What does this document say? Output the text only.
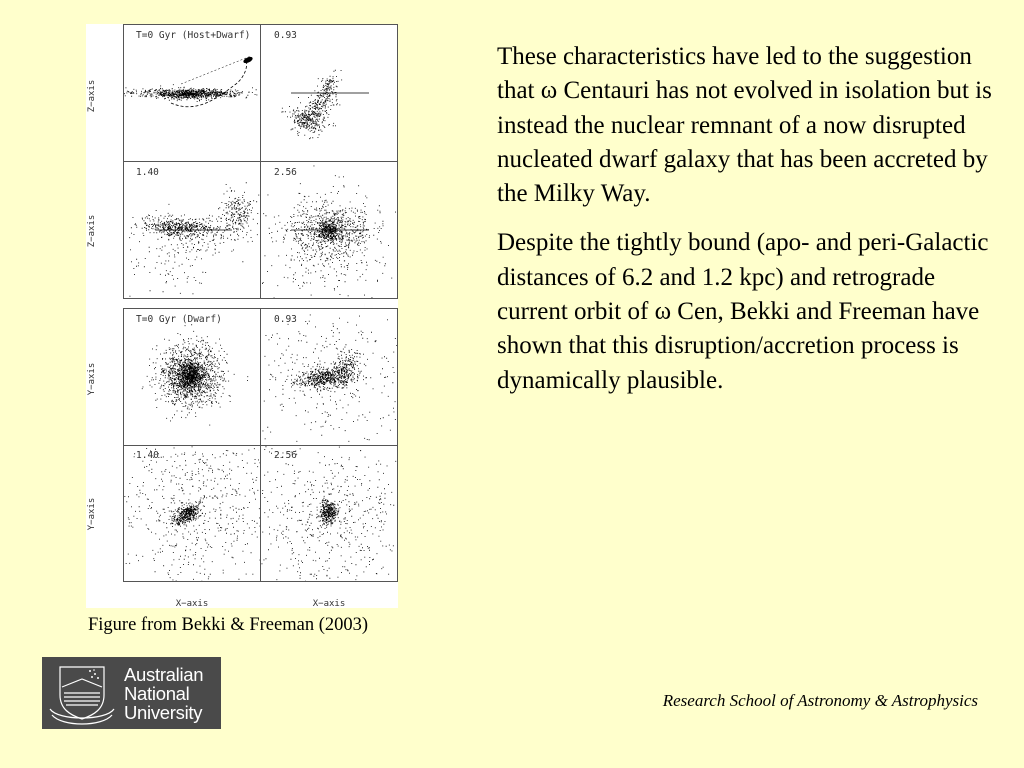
T=0 Gyr (Host+Dwarf) 0.93
1.40	2.56
T=0 Gyr (Dwarf)	0.93
1.40	2.56
Z−axis
Z−axis
Y−axis
Y−axis
X−axis	X−axis
Figure from Bekki & Freeman (2003)

These characteristics have led to the suggestion that ω Centauri has not evolved in isolation but is instead the nuclear remnant of a now disrupted nucleated dwarf galaxy that has been accreted by the Milky Way.

Despite the tightly bound (apo- and peri-Galactic distances of 6.2 and 1.2 kpc) and retrograde current orbit of ω Cen, Bekki and Freeman have shown that this disruption/accretion process is dynamically plausible.

Australian
National
University
Research School of Astronomy & Astrophysics
